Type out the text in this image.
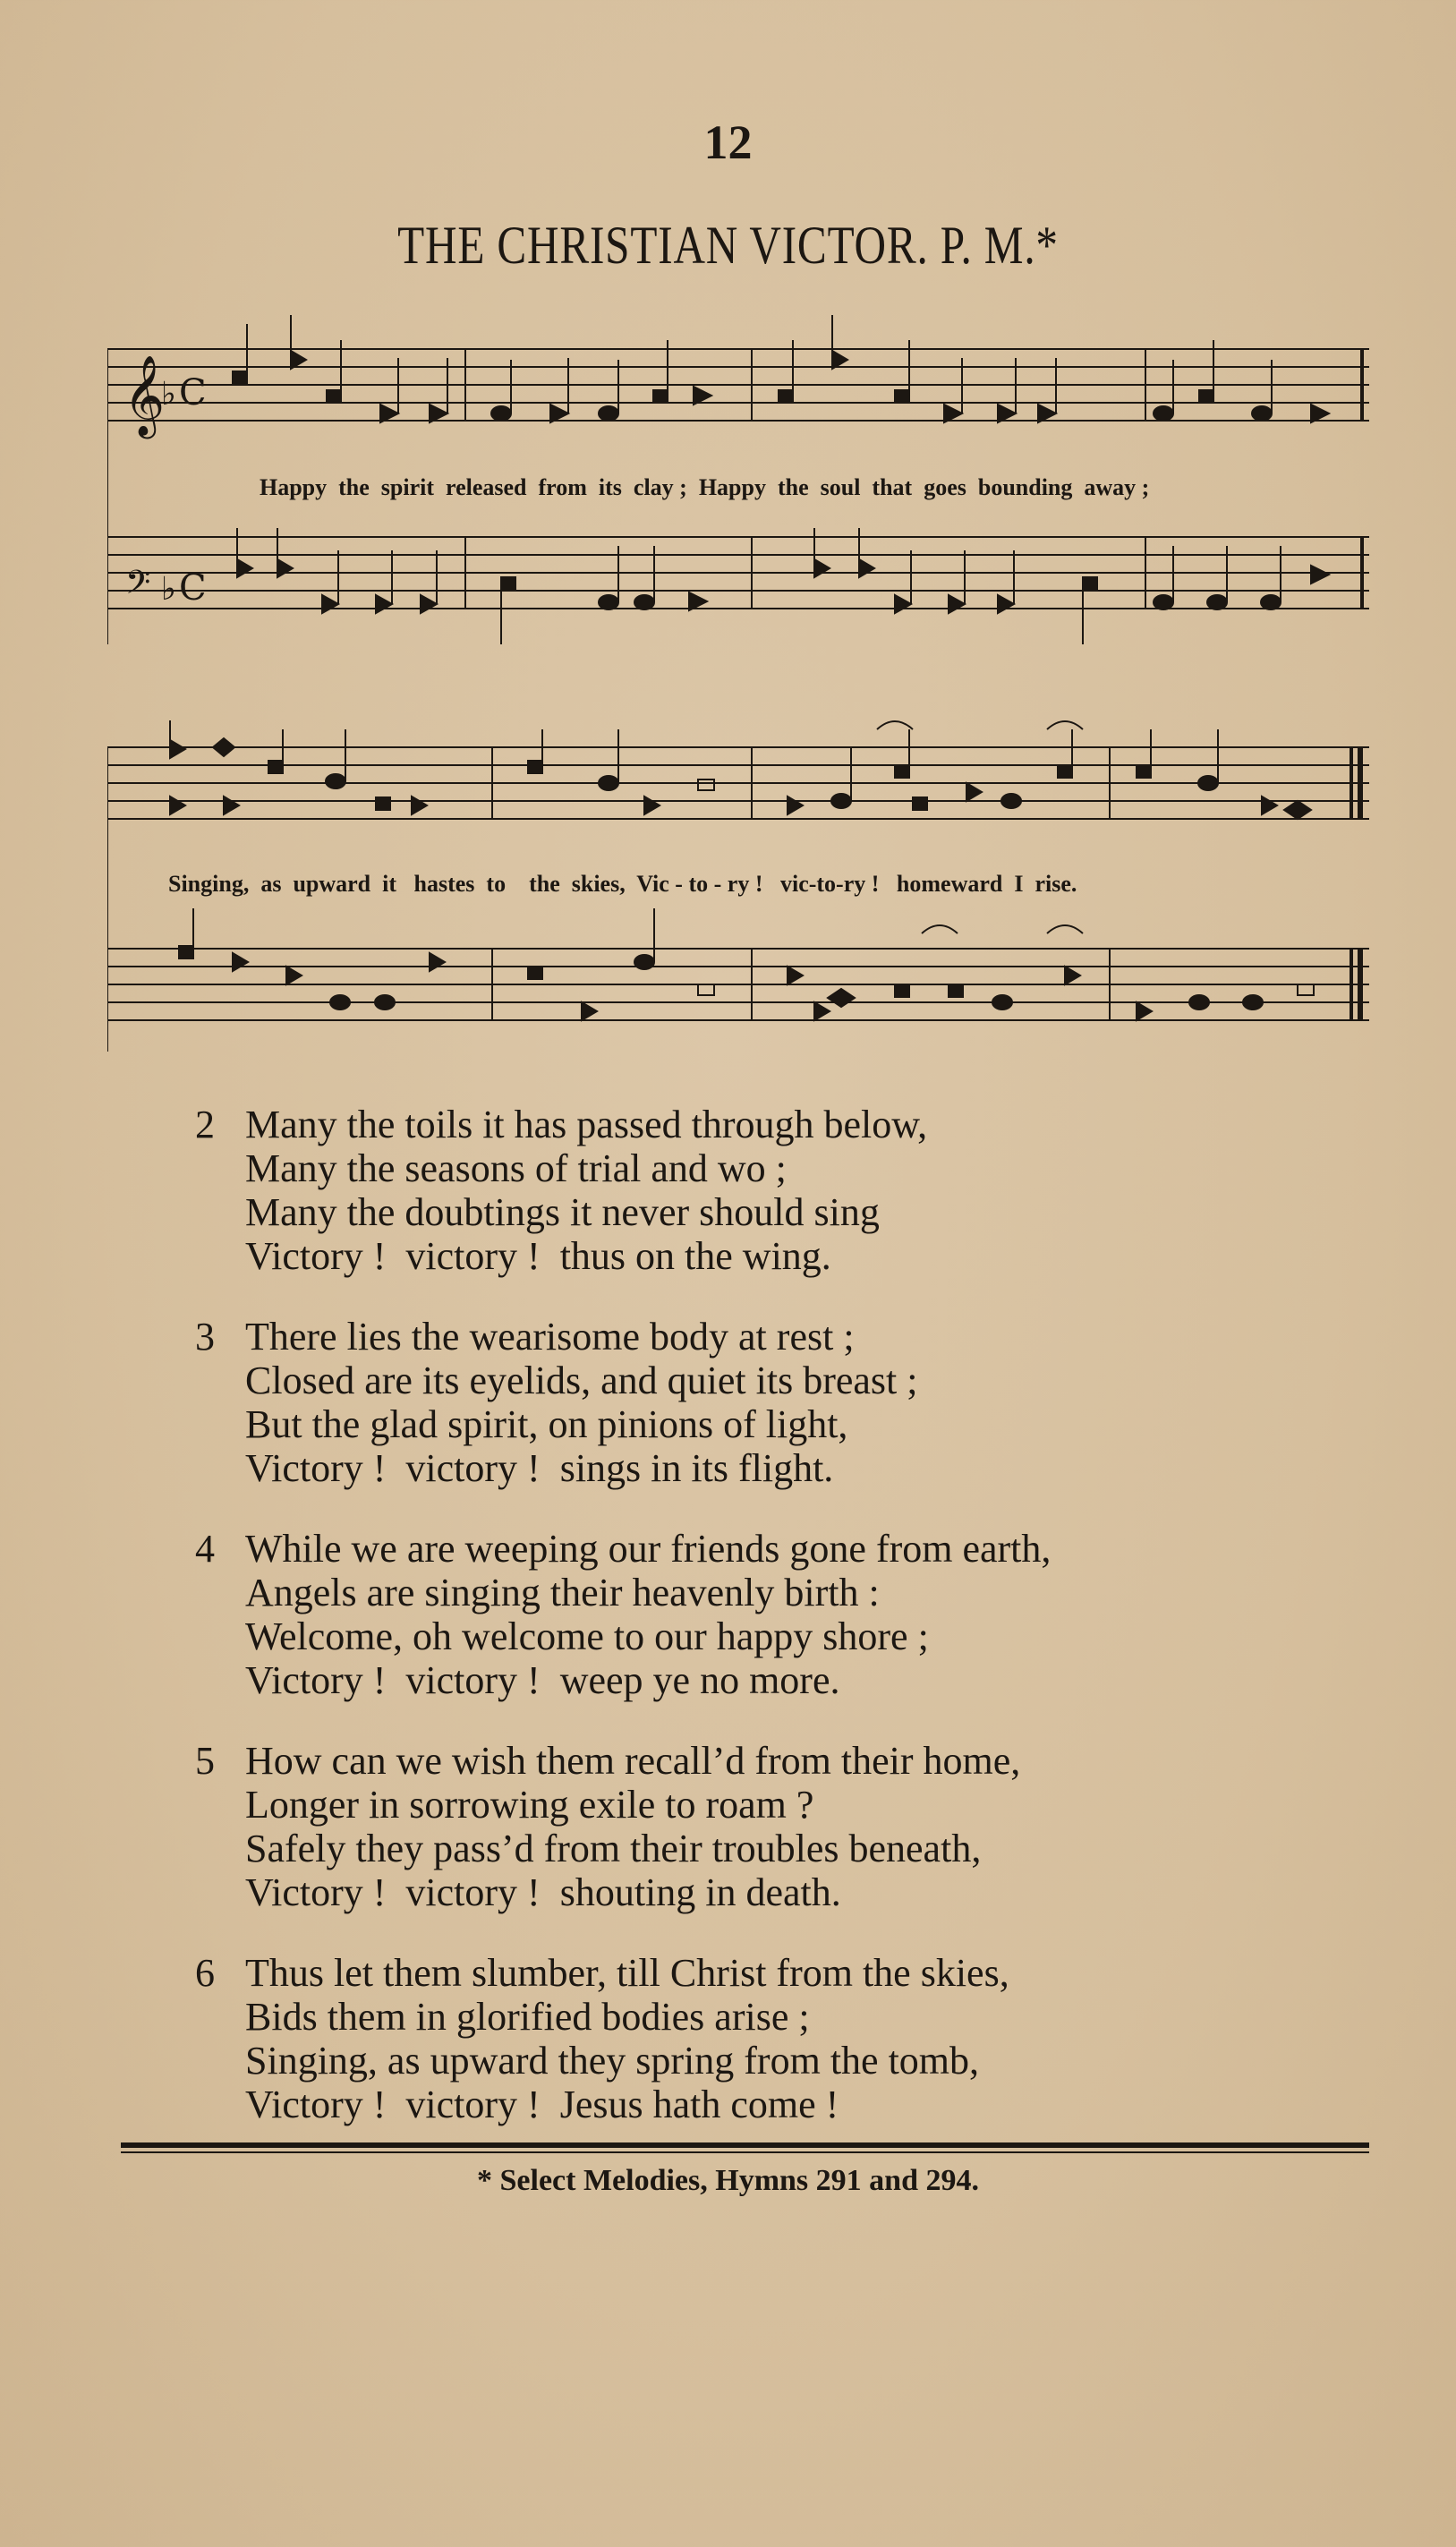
12
THE CHRISTIAN VICTOR. P. M.*
𝄞
♭ C
𝄢 ♭ C
Happy  the  spirit  released  from  its  clay ;  Happy  the  soul  that  goes  bounding  away ;
Singing,  as  upward  it   hastes  to    the  skies,  Vic - to - ry !   vic-to-ry !   homeward  I  rise.
2 Many the toils it has passed through below,
Many the seasons of trial and wo ;
Many the doubtings it never should sing
Victory !  victory !  thus on the wing.
3 There lies the wearisome body at rest ;
Closed are its eyelids, and quiet its breast ;
But the glad spirit, on pinions of light,
Victory !  victory !  sings in its flight.
4 While we are weeping our friends gone from earth,
Angels are singing their heavenly birth :
Welcome, oh welcome to our happy shore ;
Victory !  victory !  weep ye no more.
5 How can we wish them recall’d from their home,
Longer in sorrowing exile to roam ?
Safely they pass’d from their troubles beneath,
Victory !  victory !  shouting in death.
6 Thus let them slumber, till Christ from the skies,
Bids them in glorified bodies arise ;
Singing, as upward they spring from the tomb,
Victory !  victory !  Jesus hath come !
* Select Melodies, Hymns 291 and 294.
